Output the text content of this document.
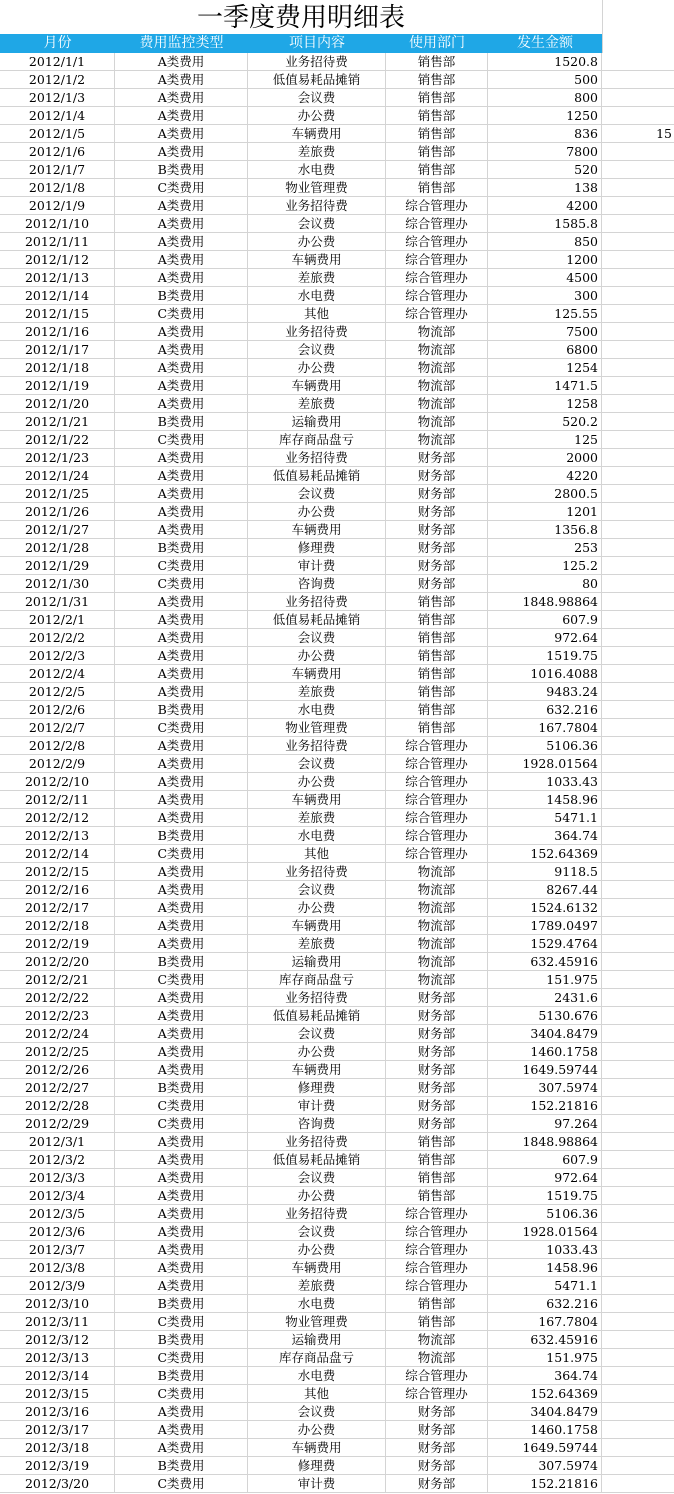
一季度费用明细表
月份	费用监控类型	项目内容	使用部门	发生金额
2012/1/1	A类费用	业务招待费	销售部	1520.8
2012/1/2	A类费用	低值易耗品摊销	销售部	500
2012/1/3	A类费用	会议费	销售部	800
2012/1/4	A类费用	办公费	销售部	1250
2012/1/5	A类费用	车辆费用	销售部	836	15
2012/1/6	A类费用	差旅费	销售部	7800
2012/1/7	B类费用	水电费	销售部	520
2012/1/8	C类费用	物业管理费	销售部	138
2012/1/9	A类费用	业务招待费	综合管理办	4200
2012/1/10	A类费用	会议费	综合管理办	1585.8
2012/1/11	A类费用	办公费	综合管理办	850
2012/1/12	A类费用	车辆费用	综合管理办	1200
2012/1/13	A类费用	差旅费	综合管理办	4500
2012/1/14	B类费用	水电费	综合管理办	300
2012/1/15	C类费用	其他	综合管理办	125.55
2012/1/16	A类费用	业务招待费	物流部	7500
2012/1/17	A类费用	会议费	物流部	6800
2012/1/18	A类费用	办公费	物流部	1254
2012/1/19	A类费用	车辆费用	物流部	1471.5
2012/1/20	A类费用	差旅费	物流部	1258
2012/1/21	B类费用	运输费用	物流部	520.2
2012/1/22	C类费用	库存商品盘亏	物流部	125
2012/1/23	A类费用	业务招待费	财务部	2000
2012/1/24	A类费用	低值易耗品摊销	财务部	4220
2012/1/25	A类费用	会议费	财务部	2800.5
2012/1/26	A类费用	办公费	财务部	1201
2012/1/27	A类费用	车辆费用	财务部	1356.8
2012/1/28	B类费用	修理费	财务部	253
2012/1/29	C类费用	审计费	财务部	125.2
2012/1/30	C类费用	咨询费	财务部	80
2012/1/31	A类费用	业务招待费	销售部	1848.98864
2012/2/1	A类费用	低值易耗品摊销	销售部	607.9
2012/2/2	A类费用	会议费	销售部	972.64
2012/2/3	A类费用	办公费	销售部	1519.75
2012/2/4	A类费用	车辆费用	销售部	1016.4088
2012/2/5	A类费用	差旅费	销售部	9483.24
2012/2/6	B类费用	水电费	销售部	632.216
2012/2/7	C类费用	物业管理费	销售部	167.7804
2012/2/8	A类费用	业务招待费	综合管理办	5106.36
2012/2/9	A类费用	会议费	综合管理办	1928.01564
2012/2/10	A类费用	办公费	综合管理办	1033.43
2012/2/11	A类费用	车辆费用	综合管理办	1458.96
2012/2/12	A类费用	差旅费	综合管理办	5471.1
2012/2/13	B类费用	水电费	综合管理办	364.74
2012/2/14	C类费用	其他	综合管理办	152.64369
2012/2/15	A类费用	业务招待费	物流部	9118.5
2012/2/16	A类费用	会议费	物流部	8267.44
2012/2/17	A类费用	办公费	物流部	1524.6132
2012/2/18	A类费用	车辆费用	物流部	1789.0497
2012/2/19	A类费用	差旅费	物流部	1529.4764
2012/2/20	B类费用	运输费用	物流部	632.45916
2012/2/21	C类费用	库存商品盘亏	物流部	151.975
2012/2/22	A类费用	业务招待费	财务部	2431.6
2012/2/23	A类费用	低值易耗品摊销	财务部	5130.676
2012/2/24	A类费用	会议费	财务部	3404.8479
2012/2/25	A类费用	办公费	财务部	1460.1758
2012/2/26	A类费用	车辆费用	财务部	1649.59744
2012/2/27	B类费用	修理费	财务部	307.5974
2012/2/28	C类费用	审计费	财务部	152.21816
2012/2/29	C类费用	咨询费	财务部	97.264
2012/3/1	A类费用	业务招待费	销售部	1848.98864
2012/3/2	A类费用	低值易耗品摊销	销售部	607.9
2012/3/3	A类费用	会议费	销售部	972.64
2012/3/4	A类费用	办公费	销售部	1519.75
2012/3/5	A类费用	业务招待费	综合管理办	5106.36
2012/3/6	A类费用	会议费	综合管理办	1928.01564
2012/3/7	A类费用	办公费	综合管理办	1033.43
2012/3/8	A类费用	车辆费用	综合管理办	1458.96
2012/3/9	A类费用	差旅费	综合管理办	5471.1
2012/3/10	B类费用	水电费	销售部	632.216
2012/3/11	C类费用	物业管理费	销售部	167.7804
2012/3/12	B类费用	运输费用	物流部	632.45916
2012/3/13	C类费用	库存商品盘亏	物流部	151.975
2012/3/14	B类费用	水电费	综合管理办	364.74
2012/3/15	C类费用	其他	综合管理办	152.64369
2012/3/16	A类费用	会议费	财务部	3404.8479
2012/3/17	A类费用	办公费	财务部	1460.1758
2012/3/18	A类费用	车辆费用	财务部	1649.59744
2012/3/19	B类费用	修理费	财务部	307.5974
2012/3/20	C类费用	审计费	财务部	152.21816
